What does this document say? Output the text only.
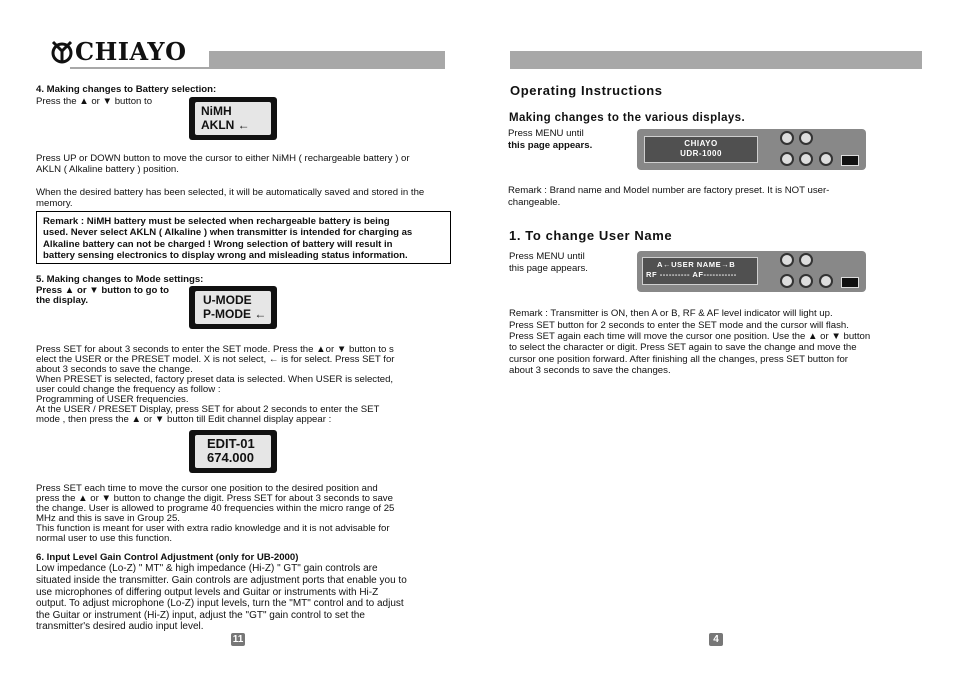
CHIAYO
4. Making changes to Battery selection:
Press the ▲ or ▼ button to
NiMH
AKLN ←
Press UP or DOWN button to move the cursor to either NiMH ( rechargeable battery ) or
AKLN ( Alkaline battery ) position.
When the desired battery has been selected, it will be automatically saved and stored in the
memory.
Remark : NiMH battery must be selected when rechargeable battery is being
used. Never select AKLN ( Alkaline ) when transmitter is intended for charging as
Alkaline battery can not be charged ! Wrong selection of battery will result in
battery sensing electronics to display wrong and misleading status information.
5. Making changes to Mode settings:
Press ▲ or ▼ button to go to
the display.	U-MODE
P-MODE ←
Press SET for about 3 seconds to enter the SET mode. Press the ▲or ▼ button to s
elect the USER or the PRESET model. X is not select, ← is for select. Press SET for
about 3 seconds to save the change.
When PRESET is selected, factory preset data is selected. When USER is selected,
user could change the frequency as follow :
Programming of USER frequencies.
At the USER / PRESET Display, press SET for about 2 seconds to enter the SET
mode , then press the ▲ or ▼ button till Edit channel display appear :
EDIT-01
674.000
Press SET each time to move the cursor one position to the desired position and
press the ▲ or ▼ button to change the digit. Press SET for about 3 seconds to save
the change. User is allowed to programe 40 frequencies within the micro range of 25
MHz and this is save in Group 25.
This function is meant for user with extra radio knowledge and it is not advisable for
normal user to use this function.
6. Input Level Gain Control Adjustment (only for UB-2000)
Low impedance (Lo-Z) " MT" & high impedance (Hi-Z) " GT" gain controls are
situated inside the transmitter. Gain controls are adjustment ports that enable you to
use microphones of differing output levels and Guitar or instruments with Hi-Z
output. To adjust microphone (Lo-Z) input levels, turn the "MT" control and to adjust
the Guitar or instrument (Hi-Z) input, adjust the "GT" gain control to set the
transmitter's desired audio input level.
11
Operating Instructions
Making changes to the various displays.
Press MENU until
this page appears.	CHIAYO
UDR-1000
Remark : Brand name and Model number are factory preset. It is NOT user-
changeable.
1. To change User Name
Press MENU until
this page appears.	A←USER NAME→B
RF ---------- AF-----------
Remark : Transmitter is ON, then A or B, RF & AF level indicator will light up.
Press SET button for 2 seconds to enter the SET mode and the cursor will flash.
Press SET again each time will move the cursor one position. Use the ▲ or ▼ button
to select the character or digit. Press SET again to save the change and move the
cursor one position forward. After finishing all the changes, press SET button for
about 3 seconds to save the changes.
4
